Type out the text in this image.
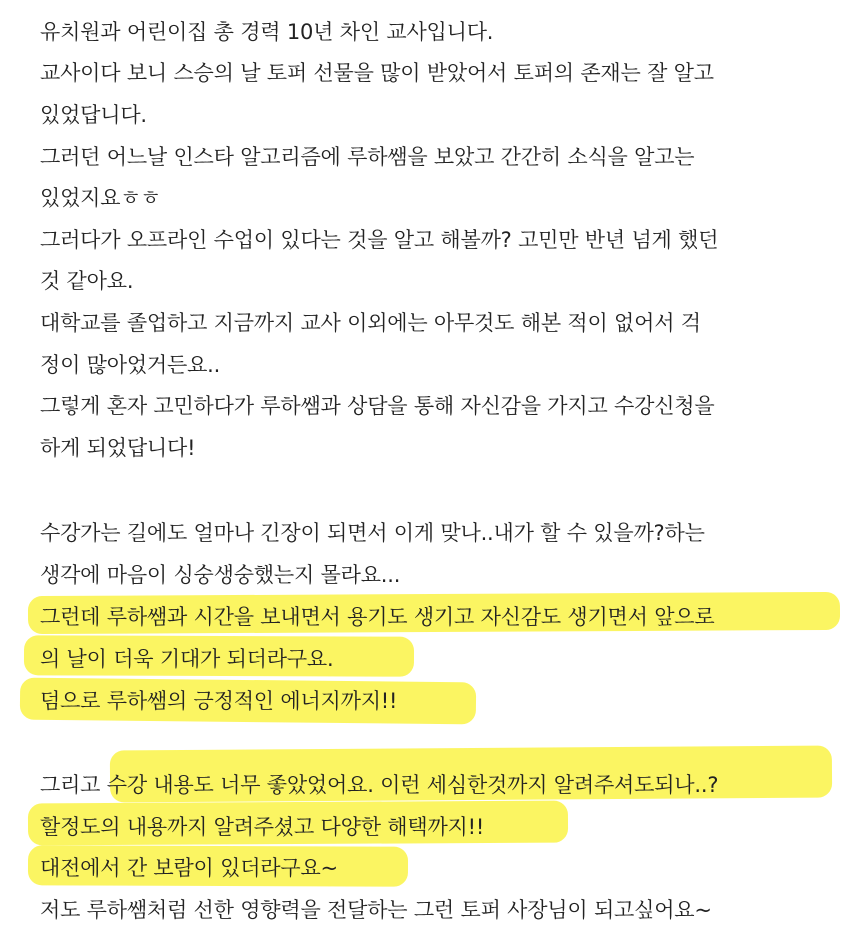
유치원과 어린이집 총 경력 10년 차인 교사입니다.
교사이다 보니 스승의 날 토퍼 선물을 많이 받았어서 토퍼의 존재는 잘 알고
있었답니다.
그러던 어느날 인스타 알고리즘에 루하쌤을 보았고 간간히 소식을 알고는
있었지요ㅎㅎ
그러다가 오프라인 수업이 있다는 것을 알고 해볼까? 고민만 반년 넘게 했던
것 같아요.
대학교를 졸업하고 지금까지 교사 이외에는 아무것도 해본 적이 없어서 걱
정이 많아었거든요..
그렇게 혼자 고민하다가 루하쌤과 상담을 통해 자신감을 가지고 수강신청을
하게 되었답니다!
수강가는 길에도 얼마나 긴장이 되면서 이게 맞나..내가 할 수 있을까?하는
생각에 마음이 싱숭생숭했는지 몰라요...
그런데 루하쌤과 시간을 보내면서 용기도 생기고 자신감도 생기면서 앞으로
의 날이 더욱 기대가 되더라구요.
덤으로 루하쌤의 긍정적인 에너지까지!!
그리고 수강 내용도 너무 좋았었어요. 이런 세심한것까지 알려주셔도되나..?
할정도의 내용까지 알려주셨고 다양한 해택까지!!
대전에서 간 보람이 있더라구요~
저도 루하쌤처럼 선한 영향력을 전달하는 그런 토퍼 사장님이 되고싶어요~
